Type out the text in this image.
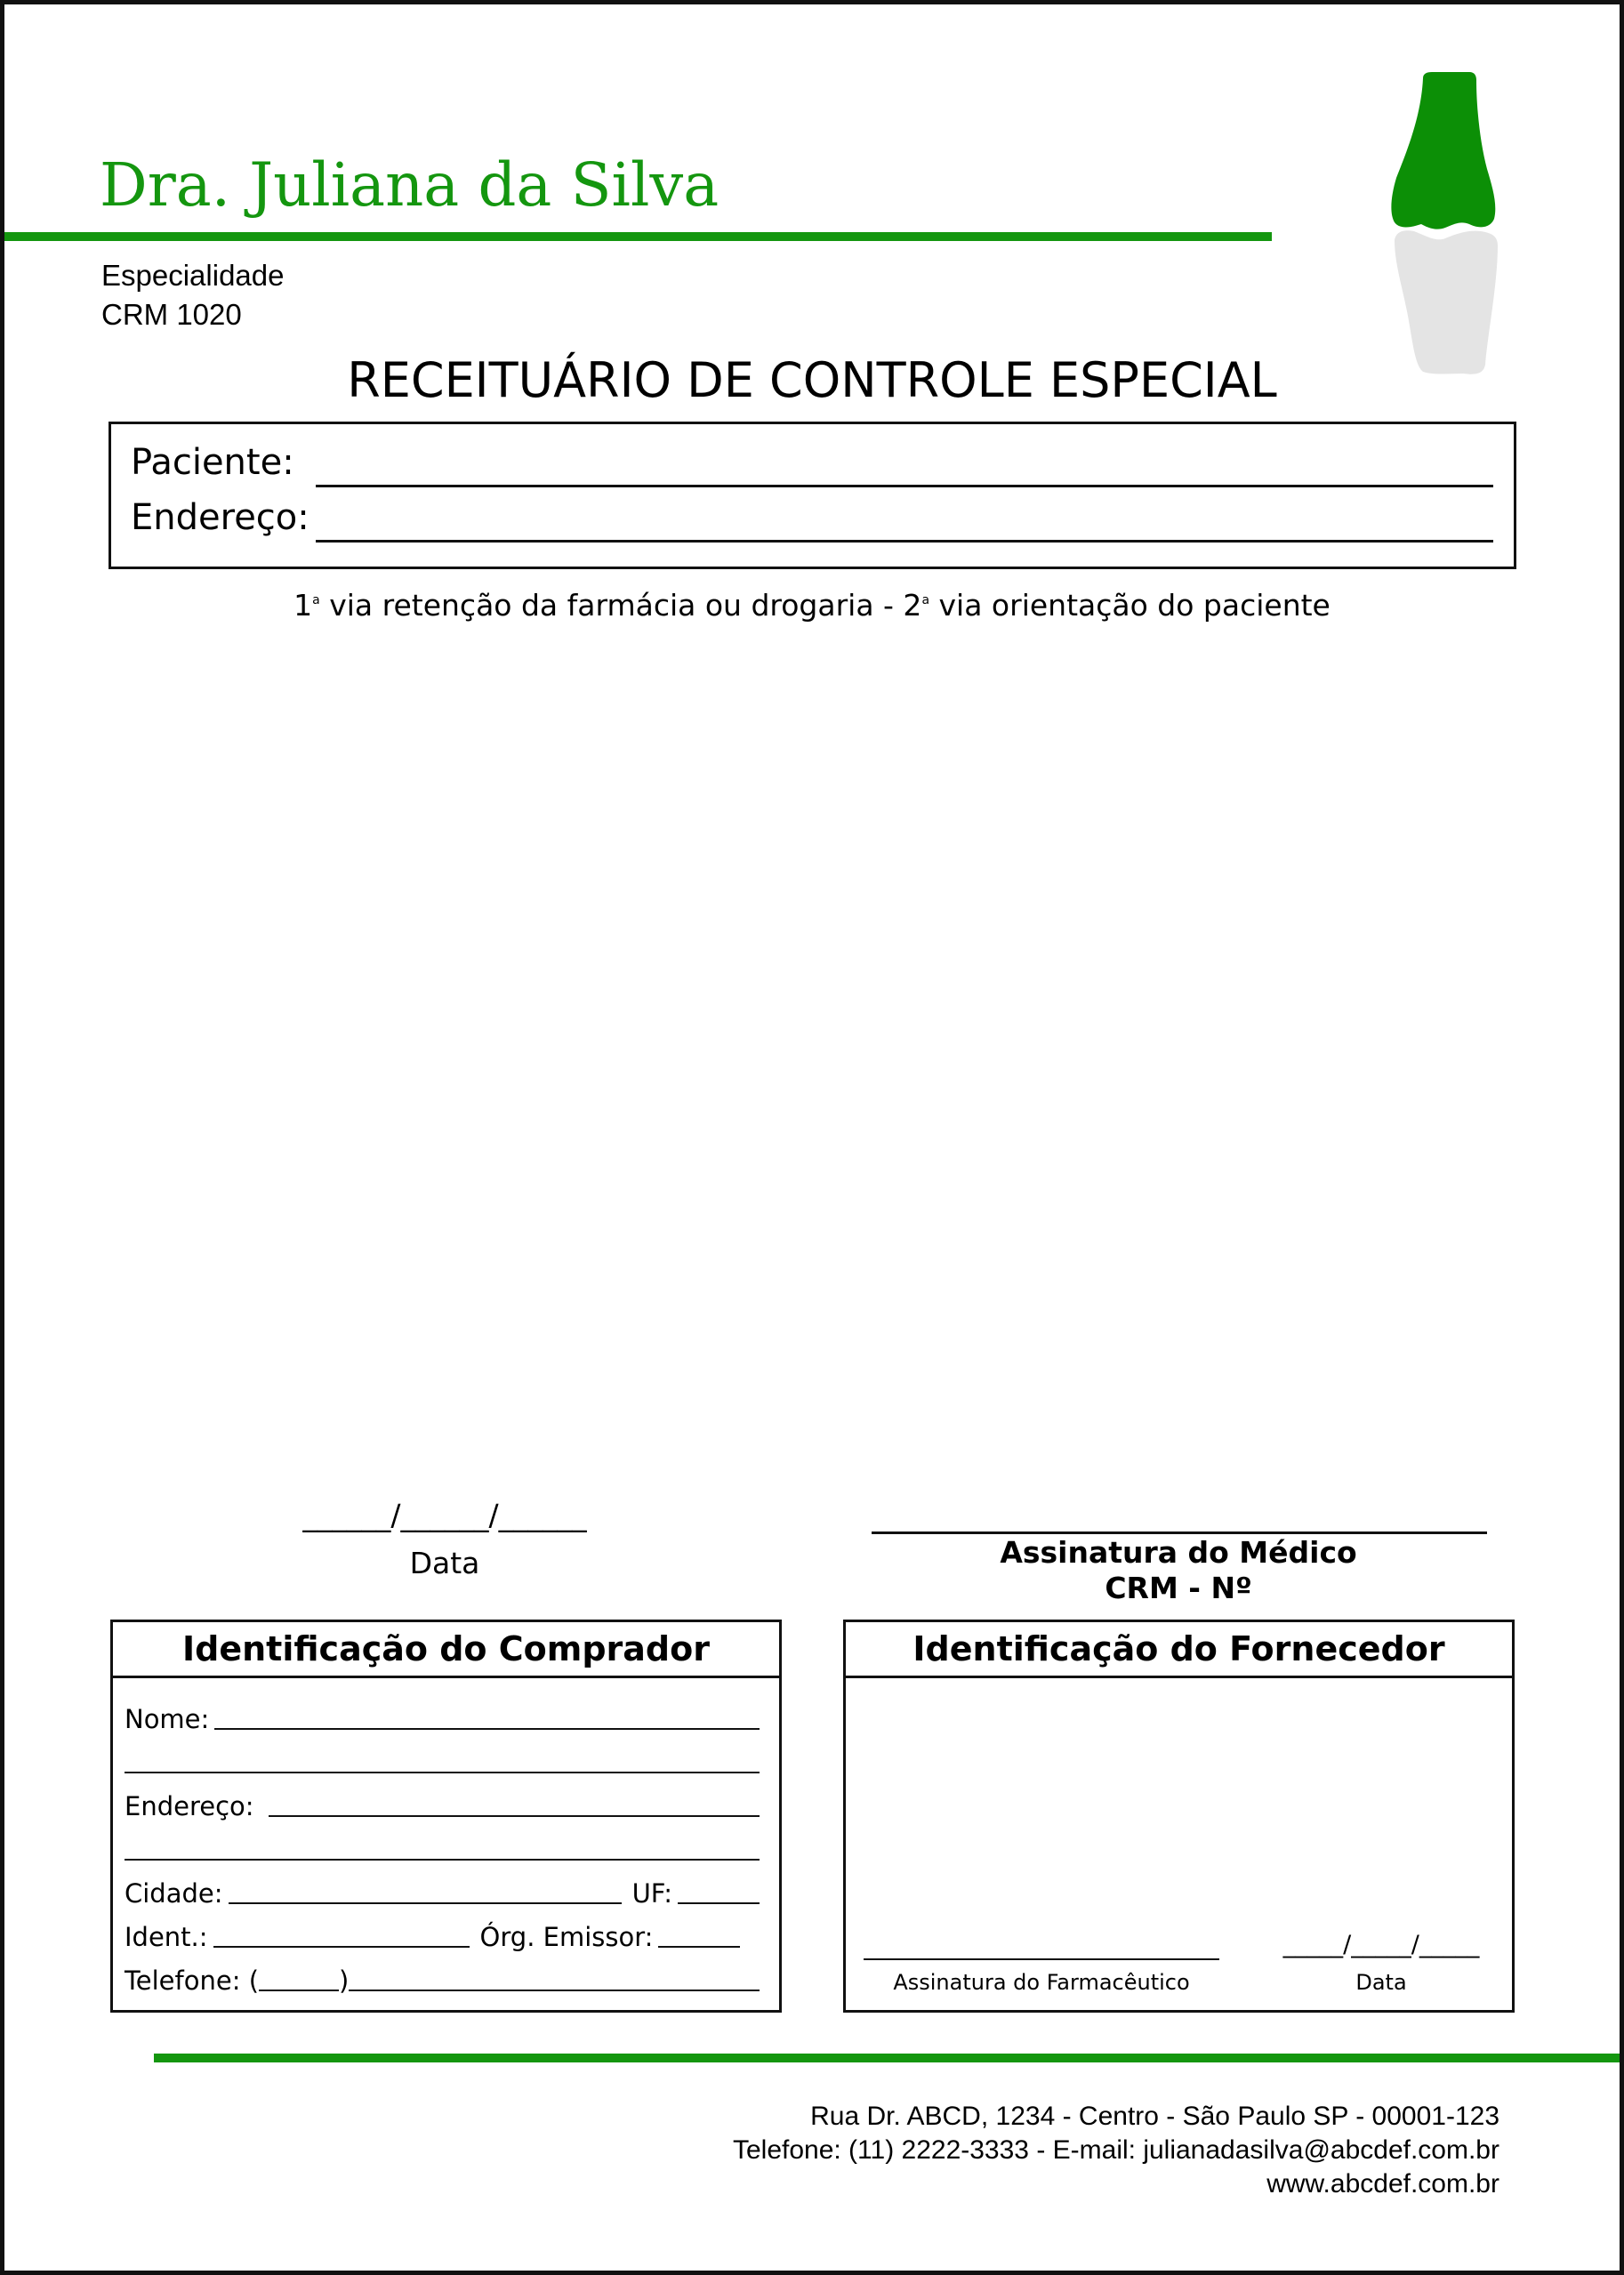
Dra. Juliana da Silva
Especialidade
CRM 1020
RECEITUÁRIO DE CONTROLE ESPECIAL
Paciente:
Endereço:
1$^a$ via retenção da farmácia ou drogaria - 2$^a$ via orientação do paciente
______/______/______
Data	Assinatura do Médico
CRM - Nº
Identificação do Comprador
Nome:
Endereço:
Cidade:	UF:
Ident.:	Órg. Emissor:
Telefone: (	)
Identificação do Fornecedor
Assinatura do Farmacêutico
_____/_____/_____
Data
Rua Dr. ABCD, 1234 - Centro - São Paulo SP - 00001-123
Telefone: (11) 2222-3333 - E-mail: julianadasilva@abcdef.com.br
www.abcdef.com.br
